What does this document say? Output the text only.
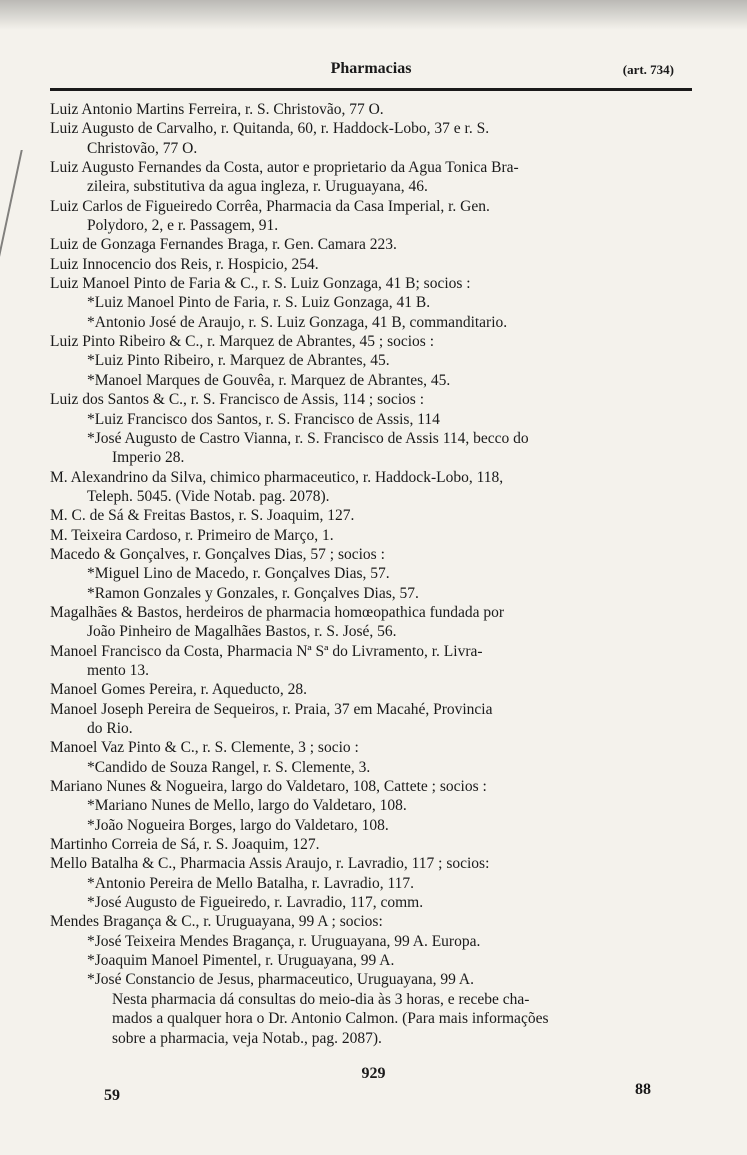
Pharmacias	(art. 734)
Luiz Antonio Martins Ferreira, r. S. Christovão, 77 O.
Luiz Augusto de Carvalho, r. Quitanda, 60, r. Haddock-Lobo, 37 e r. S.
Christovão, 77 O.
Luiz Augusto Fernandes da Costa, autor e proprietario da Agua Tonica Bra-
zileira, substitutiva da agua ingleza, r. Uruguayana, 46.
Luiz Carlos de Figueiredo Corrêa, Pharmacia da Casa Imperial, r. Gen.
Polydoro, 2, e r. Passagem, 91.
Luiz de Gonzaga Fernandes Braga, r. Gen. Camara 223.
Luiz Innocencio dos Reis, r. Hospicio, 254.
Luiz Manoel Pinto de Faria & C., r. S. Luiz Gonzaga, 41 B; socios :
*Luiz Manoel Pinto de Faria, r. S. Luiz Gonzaga, 41 B.
*Antonio José de Araujo, r. S. Luiz Gonzaga, 41 B, commanditario.
Luiz Pinto Ribeiro & C., r. Marquez de Abrantes, 45 ; socios :
*Luiz Pinto Ribeiro, r. Marquez de Abrantes, 45.
*Manoel Marques de Gouvêa, r. Marquez de Abrantes, 45.
Luiz dos Santos & C., r. S. Francisco de Assis, 114 ; socios :
*Luiz Francisco dos Santos, r. S. Francisco de Assis, 114
*José Augusto de Castro Vianna, r. S. Francisco de Assis 114, becco do
Imperio 28.
M. Alexandrino da Silva, chimico pharmaceutico, r. Haddock-Lobo, 118,
Teleph. 5045. (Vide Notab. pag. 2078).
M. C. de Sá & Freitas Bastos, r. S. Joaquim, 127.
M. Teixeira Cardoso, r. Primeiro de Março, 1.
Macedo & Gonçalves, r. Gonçalves Dias, 57 ; socios :
*Miguel Lino de Macedo, r. Gonçalves Dias, 57.
*Ramon Gonzales y Gonzales, r. Gonçalves Dias, 57.
Magalhães & Bastos, herdeiros de pharmacia homœopathica fundada por
João Pinheiro de Magalhães Bastos, r. S. José, 56.
Manoel Francisco da Costa, Pharmacia Nª Sª do Livramento, r. Livra-
mento 13.
Manoel Gomes Pereira, r. Aqueducto, 28.
Manoel Joseph Pereira de Sequeiros, r. Praia, 37 em Macahé, Provincia
do Rio.
Manoel Vaz Pinto & C., r. S. Clemente, 3 ; socio :
*Candido de Souza Rangel, r. S. Clemente, 3.
Mariano Nunes & Nogueira, largo do Valdetaro, 108, Cattete ; socios :
*Mariano Nunes de Mello, largo do Valdetaro, 108.
*João Nogueira Borges, largo do Valdetaro, 108.
Martinho Correia de Sá, r. S. Joaquim, 127.
Mello Batalha & C., Pharmacia Assis Araujo, r. Lavradio, 117 ; socios:
*Antonio Pereira de Mello Batalha, r. Lavradio, 117.
*José Augusto de Figueiredo, r. Lavradio, 117, comm.
Mendes Bragança & C., r. Uruguayana, 99 A ; socios:
*José Teixeira Mendes Bragança, r. Uruguayana, 99 A. Europa.
*Joaquim Manoel Pimentel, r. Uruguayana, 99 A.
*José Constancio de Jesus, pharmaceutico, Uruguayana, 99 A.
Nesta pharmacia dá consultas do meio-dia às 3 horas, e recebe cha-
mados a qualquer hora o Dr. Antonio Calmon. (Para mais informações
sobre a pharmacia, veja Notab., pag. 2087).
929
59	88
